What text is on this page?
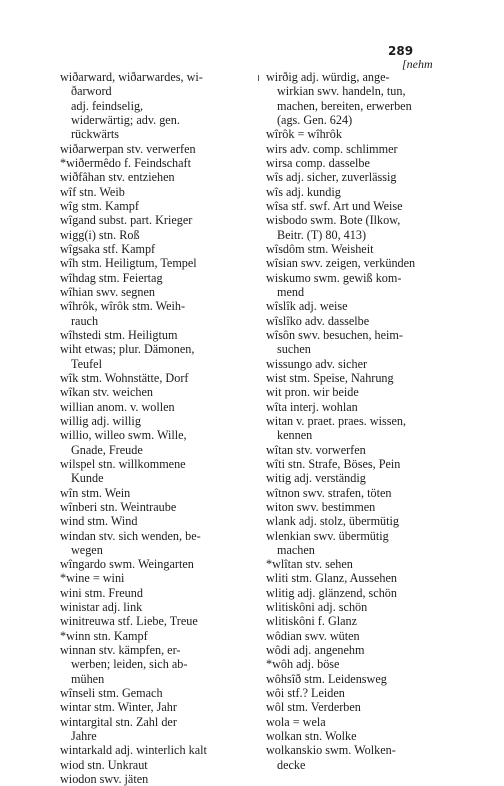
289
[nehm
wiðarward, wiðarwardes, wi-
ðarword
adj. feindselig,
widerwärtig; adv. gen.
rückwärts
wiðarwerpan stv. verwerfen
*wiðermêdo f. Feindschaft
wiðfâhan stv. entziehen
wîf stn. Weib
wîg stm. Kampf
wîgand subst. part. Krieger
wigg(i) stn. Roß
wîgsaka stf. Kampf
wîh stm. Heiligtum, Tempel
wîhdag stm. Feiertag
wîhian swv. segnen
wîhrôk, wîrôk stm. Weih-
rauch
wîhstedi stm. Heiligtum
wiht etwas; plur. Dämonen,
Teufel
wîk stm. Wohnstätte, Dorf
wîkan stv. weichen
willian anom. v. wollen
willig adj. willig
willio, willeo swm. Wille,
Gnade, Freude
wilspel stn. willkommene
Kunde
wîn stm. Wein
wînberi stn. Weintraube
wind stm. Wind
windan stv. sich wenden, be-
wegen
wîngardo swm. Weingarten
*wine = wini
wini stm. Freund
winistar adj. link
winitreuwa stf. Liebe, Treue
*winn stn. Kampf
winnan stv. kämpfen, er-
werben; leiden, sich ab-
mühen
wînseli stm. Gemach
wintar stm. Winter, Jahr
wintargital stn. Zahl der
Jahre
wintarkald adj. winterlich kalt
wiod stn. Unkraut
wiodon swv. jäten
wirðig adj. würdig, ange-
wirkian swv. handeln, tun,
machen, bereiten, erwerben
(ags. Gen. 624)
wîrôk = wîhrôk
wirs adv. comp. schlimmer
wirsa comp. dasselbe
wîs adj. sicher, zuverlässig
wîs adj. kundig
wîsa stf. swf. Art und Weise
wisbodo swm. Bote (Ilkow,
Beitr. (T) 80, 413)
wîsdôm stm. Weisheit
wîsian swv. zeigen, verkünden
wiskumo swm. gewiß kom-
mend
wîslîk adj. weise
wîslîko adv. dasselbe
wîsôn swv. besuchen, heim-
suchen
wissungo adv. sicher
wist stm. Speise, Nahrung
wit pron. wir beide
wîta interj. wohlan
witan v. praet. praes. wissen,
kennen
wîtan stv. vorwerfen
wîti stn. Strafe, Böses, Pein
witig adj. verständig
wîtnon swv. strafen, töten
witon swv. bestimmen
wlank adj. stolz, übermütig
wlenkian swv. übermütig
machen
*wlîtan stv. sehen
wliti stm. Glanz, Aussehen
wlitig adj. glänzend, schön
wlitiskôni adj. schön
wlitiskôni f. Glanz
wôdian swv. wüten
wôdi adj. angenehm
*wôh adj. böse
wôhsîð stm. Leidensweg
wôi stf.? Leiden
wôl stm. Verderben
wola = wela
wolkan stn. Wolke
wolkanskio swm. Wolken-
decke
